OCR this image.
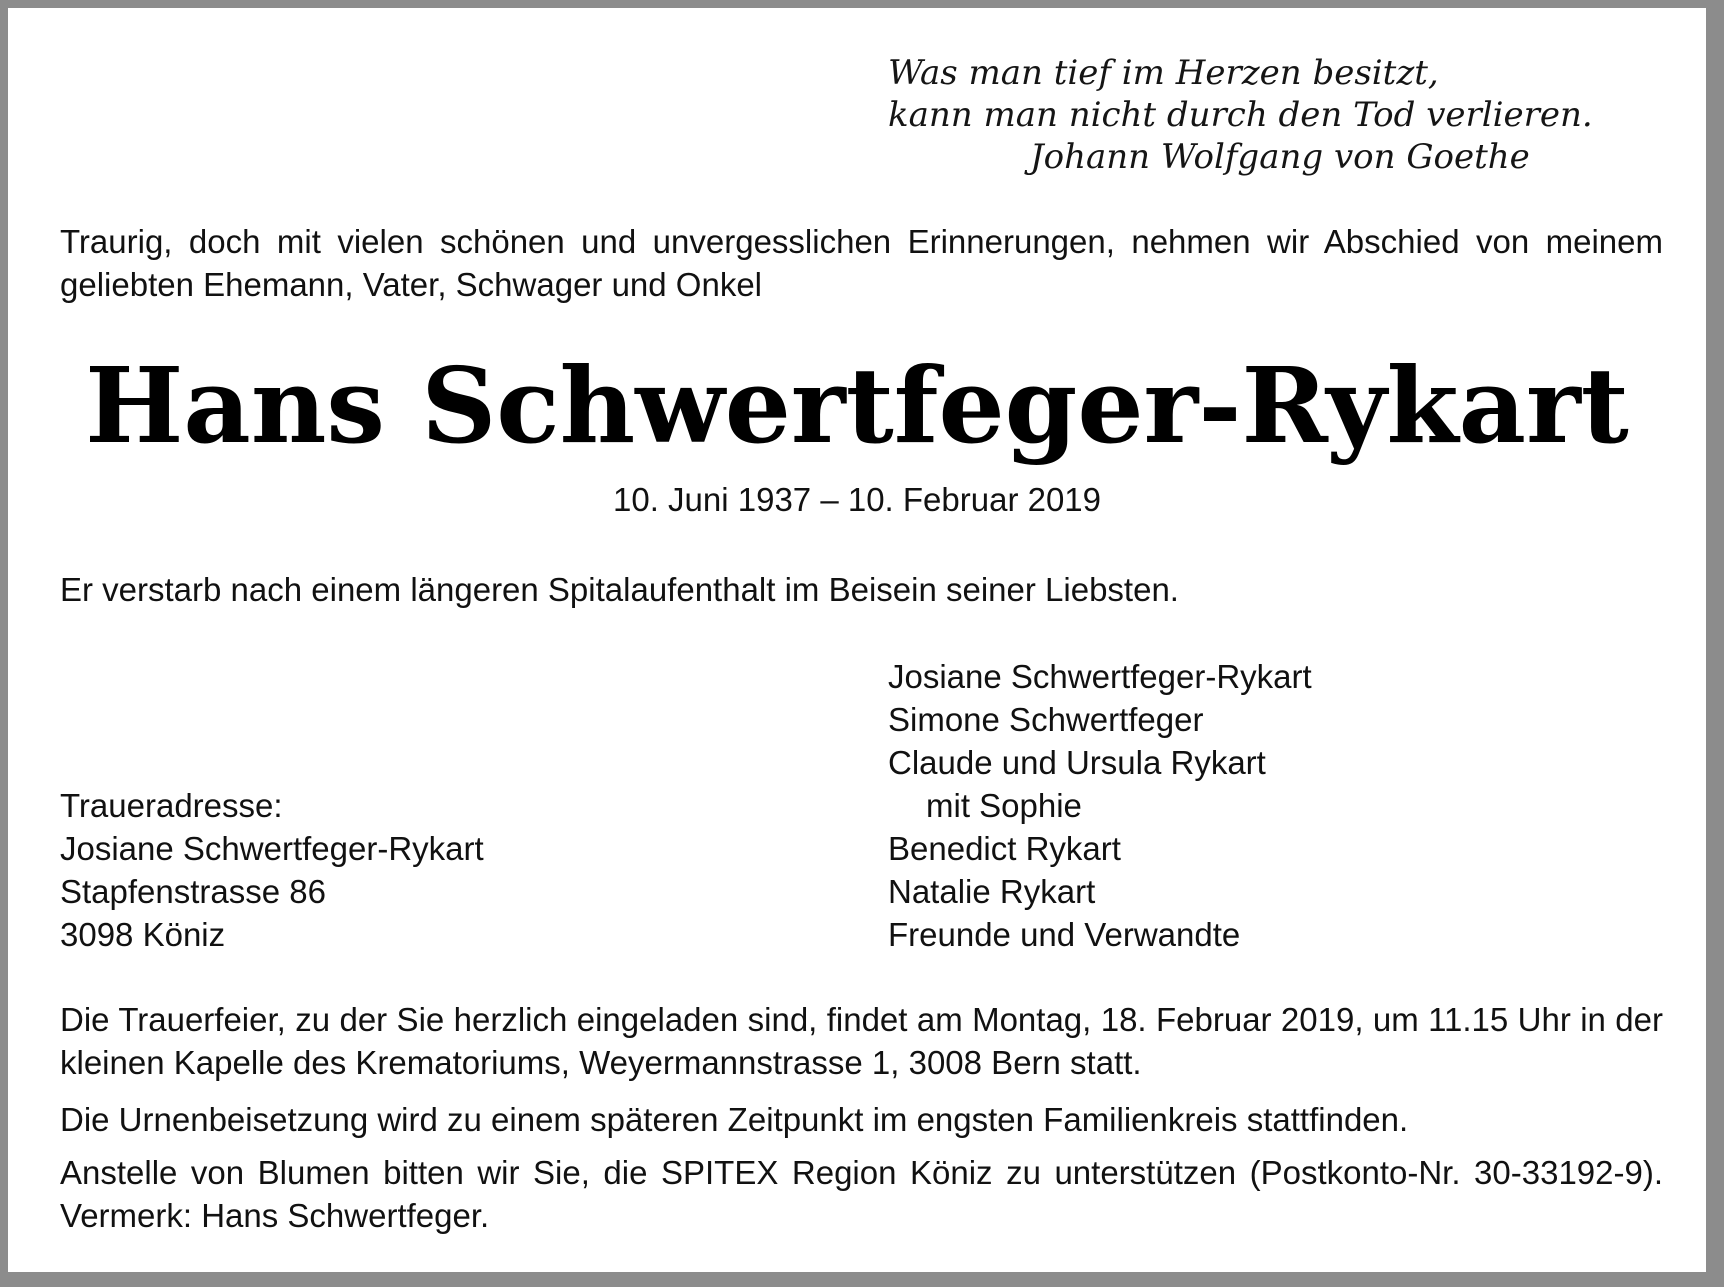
Was man tief im Herzen besitzt,

kann man nicht durch den Tod verlieren.

Johann Wolfgang von Goethe

Traurig, doch mit vielen schönen und unvergesslichen Erinnerungen, nehmen wir Abschied von meinem geliebten Ehemann, Vater, Schwager und Onkel

Hans Schwertfeger-Rykart

10. Juni 1937 – 10. Februar 2019

Er verstarb nach einem längeren Spitalaufenthalt im Beisein seiner Liebsten.

Josiane Schwertfeger-Rykart

Simone Schwertfeger

Claude und Ursula Rykart

mit Sophie

Benedict Rykart

Natalie Rykart

Freunde und Verwandte

Traueradresse:

Josiane Schwertfeger-Rykart

Stapfenstrasse 86

3098 Köniz

Die Trauerfeier, zu der Sie herzlich eingeladen sind, findet am Montag, 18. Februar 2019, um 11.15 Uhr in der kleinen Kapelle des Krematoriums, Weyermannstrasse 1, 3008 Bern statt.

Die Urnenbeisetzung wird zu einem späteren Zeitpunkt im engsten Familienkreis stattfinden.

Anstelle von Blumen bitten wir Sie, die SPITEX Region Köniz zu unterstützen (Postkonto-Nr. 30-33192-9). Vermerk: Hans Schwertfeger.
